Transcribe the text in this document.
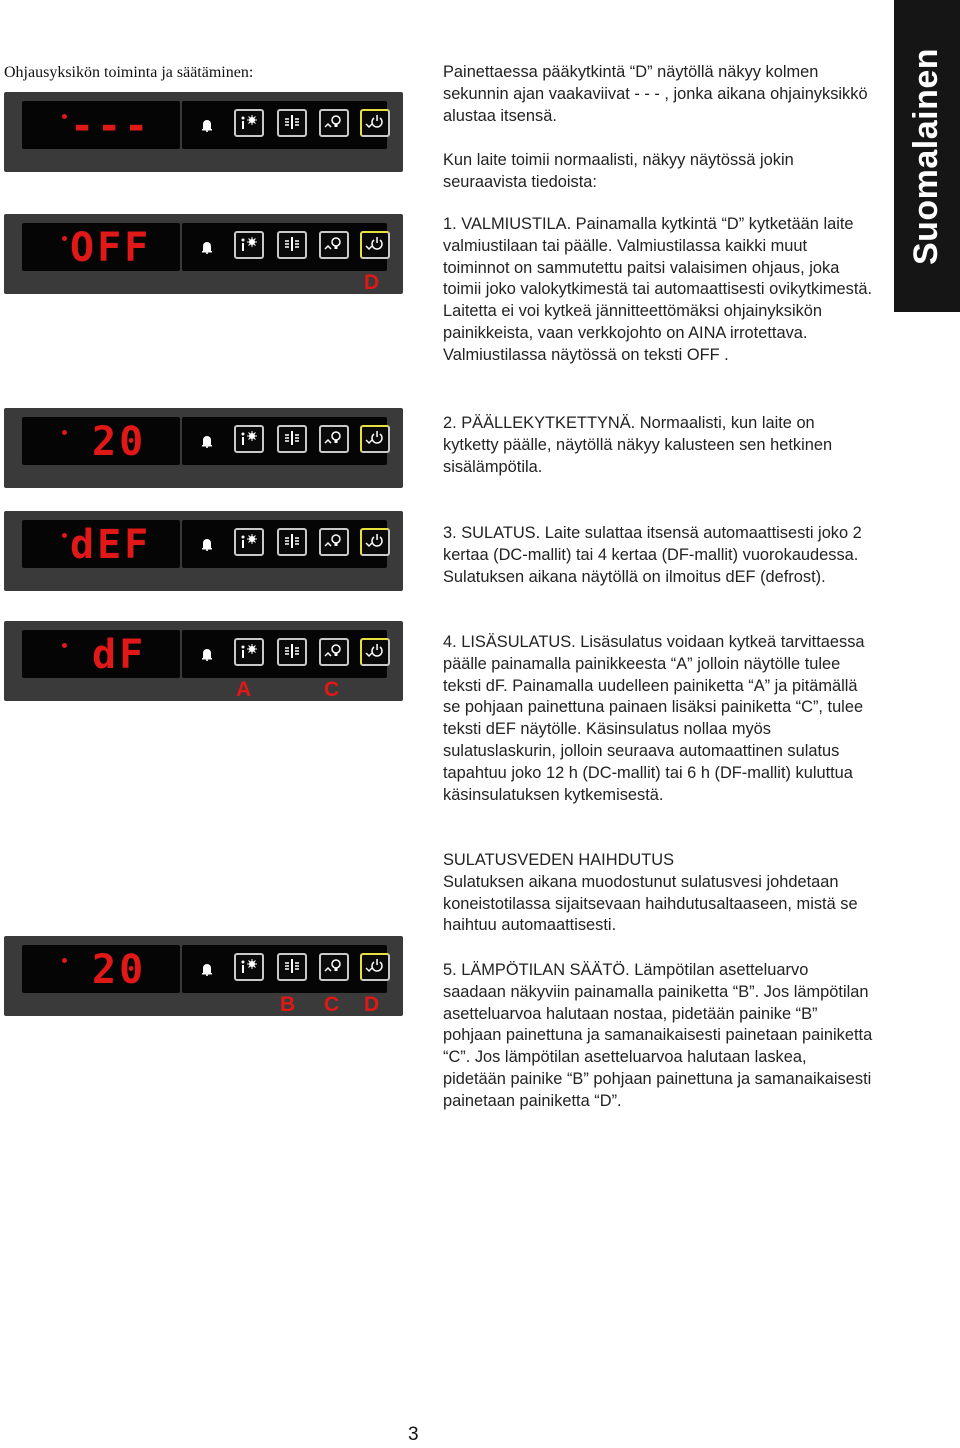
Ohjausyksikön toiminta ja säätäminen:	Suomalainen
---
OFF
D
20
dEF
dF
A	C
20
B C D

Painettaessa pääkytkintä “D” näytöllä näkyy kolmen sekunnin ajan vaakaviivat - - - , jonka aikana ohjainyksikkö alustaa itsensä.

Kun laite toimii normaalisti, näkyy näytössä jokin seuraavista tiedoista:

1. VALMIUSTILA. Painamalla kytkintä “D” kytketään laite valmiustilaan tai päälle. Valmiustilassa kaikki muut toiminnot on sammutettu paitsi valaisimen ohjaus, joka toimii joko valokytkimestä tai automaattisesti ovikytkimestä. Laitetta ei voi kytkeä jännitteettömäksi ohjainyksikön painikkeista, vaan verkkojohto on AINA irrotettava. Valmiustilassa näytössä on teksti OFF .

2. PÄÄLLEKYTKETTYNÄ. Normaalisti, kun laite on kytketty päälle, näytöllä näkyy kalusteen sen hetkinen sisälämpötila.

3. SULATUS. Laite sulattaa itsensä automaattisesti joko 2 kertaa (DC-mallit) tai 4 kertaa (DF-mallit) vuorokaudessa. Sulatuksen aikana näytöllä on ilmoitus dEF (defrost).

4. LISÄSULATUS. Lisäsulatus voidaan kytkeä tarvittaessa päälle painamalla painikkeesta “A” jolloin näytölle tulee teksti dF. Painamalla uudelleen painiketta “A” ja pitämällä se pohjaan painettuna painaen lisäksi painiketta “C”, tulee teksti dEF näytölle. Käsinsulatus nollaa myös sulatuslaskurin, jolloin seuraava automaattinen sulatus tapahtuu joko 12 h (DC-mallit) tai 6 h (DF-mallit) kuluttua käsinsulatuksen kytkemisestä.

SULATUSVEDEN HAIHDUTUS

Sulatuksen aikana muodostunut sulatusvesi johdetaan koneistotilassa sijaitsevaan haihdutusaltaaseen, mistä se haihtuu automaattisesti.

5. LÄMPÖTILAN SÄÄTÖ. Lämpötilan asetteluarvo saadaan näkyviin painamalla painiketta “B”. Jos lämpötilan asetteluarvoa halutaan nostaa, pidetään painike “B” pohjaan painettuna ja samanaikaisesti painetaan painiketta “C”. Jos lämpötilan asetteluarvoa halutaan laskea, pidetään painike “B” pohjaan painettuna ja samanaikaisesti painetaan painiketta “D”.

3
